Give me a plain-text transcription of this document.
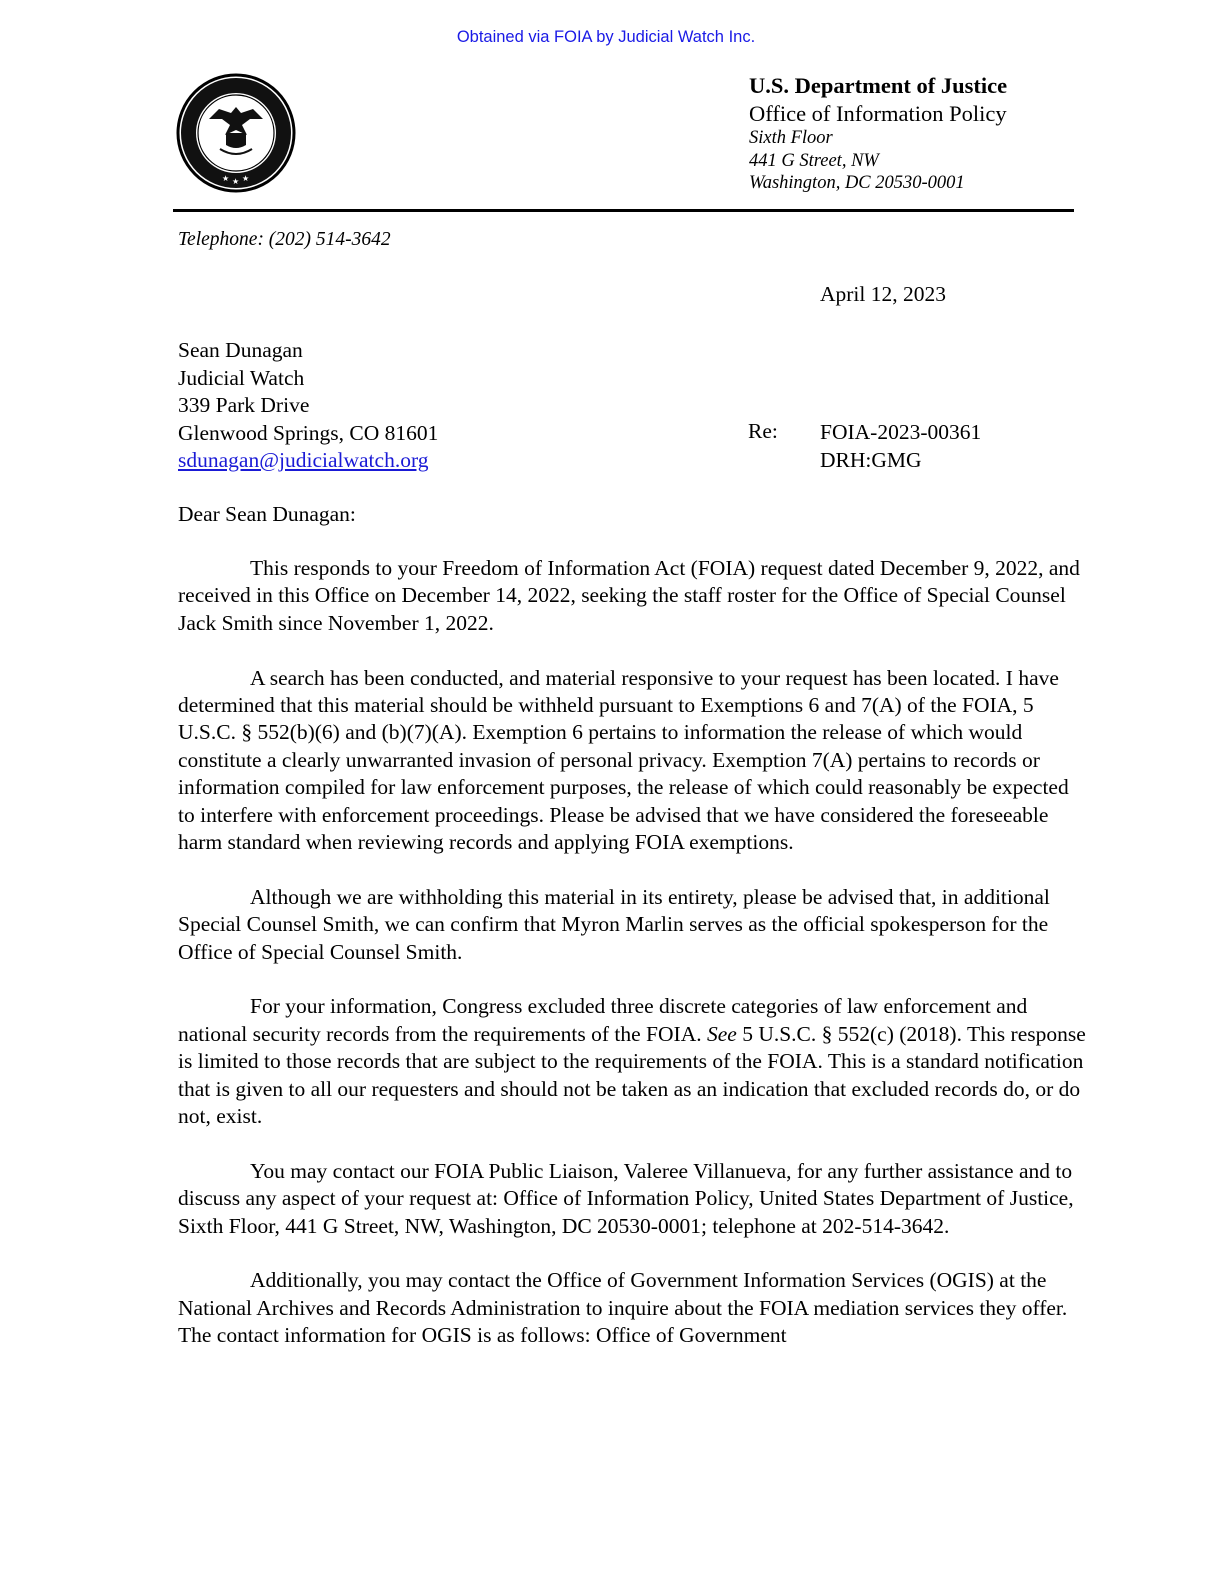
Obtained via FOIA by Judicial Watch Inc.
★ ★ ★
U.S. Department of Justice
Office of Information Policy
Sixth Floor
441 G Street, NW
Washington, DC 20530-0001
Telephone: (202) 514-3642
April 12, 2023
Sean Dunagan
Judicial Watch
339 Park Drive
Glenwood Springs, CO 81601
sdunagan@judicialwatch.org
Re: FOIA-2023-00361
DRH:GMG
Dear Sean Dunagan:

This responds to your Freedom of Information Act (FOIA) request dated December 9, 2022, and received in this Office on December 14, 2022, seeking the staff roster for the Office of Special Counsel Jack Smith since November 1, 2022.

A search has been conducted, and material responsive to your request has been located. I have determined that this material should be withheld pursuant to Exemptions 6 and 7(A) of the FOIA, 5 U.S.C. § 552(b)(6) and (b)(7)(A). Exemption 6 pertains to information the release of which would constitute a clearly unwarranted invasion of personal privacy. Exemption 7(A) pertains to records or information compiled for law enforcement purposes, the release of which could reasonably be expected to interfere with enforcement proceedings. Please be advised that we have considered the foreseeable harm standard when reviewing records and applying FOIA exemptions.

Although we are withholding this material in its entirety, please be advised that, in additional Special Counsel Smith, we can confirm that Myron Marlin serves as the official spokesperson for the Office of Special Counsel Smith.

For your information, Congress excluded three discrete categories of law enforcement and national security records from the requirements of the FOIA. See 5 U.S.C. § 552(c) (2018). This response is limited to those records that are subject to the requirements of the FOIA. This is a standard notification that is given to all our requesters and should not be taken as an indication that excluded records do, or do not, exist.

You may contact our FOIA Public Liaison, Valeree Villanueva, for any further assistance and to discuss any aspect of your request at: Office of Information Policy, United States Department of Justice, Sixth Floor, 441 G Street, NW, Washington, DC 20530-0001; telephone at 202-514-3642.

Additionally, you may contact the Office of Government Information Services (OGIS) at the National Archives and Records Administration to inquire about the FOIA mediation services they offer. The contact information for OGIS is as follows: Office of Government
